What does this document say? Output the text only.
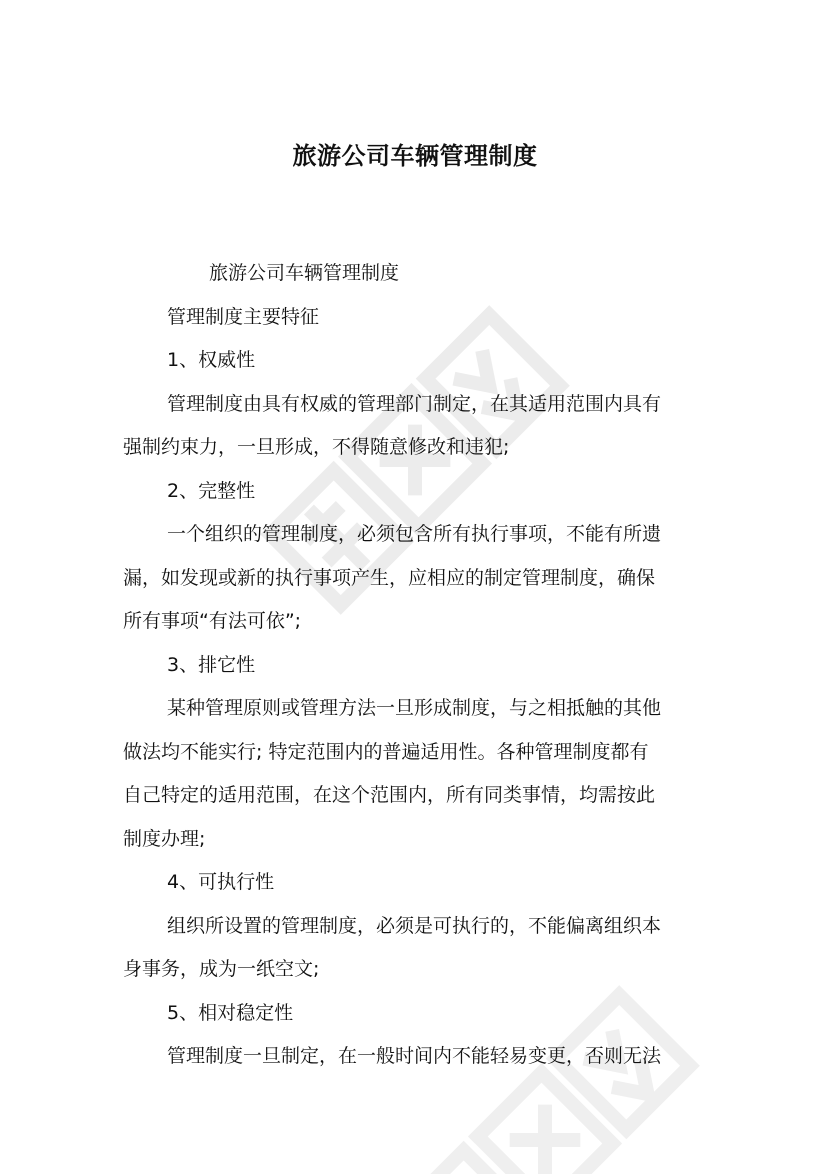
旅游公司车辆管理制度

旅游公司车辆管理制度

管理制度主要特征

1、权威性

管理制度由具有权威的管理部门制定，在其适用范围内具有

强制约束力，一旦形成，不得随意修改和违犯;

2、完整性

一个组织的管理制度，必须包含所有执行事项，不能有所遗

漏，如发现或新的执行事项产生，应相应的制定管理制度，确保

所有事项“有法可依”;

3、排它性

某种管理原则或管理方法一旦形成制度，与之相抵触的其他

做法均不能实行; 特定范围内的普遍适用性。各种管理制度都有

自己特定的适用范围，在这个范围内，所有同类事情，均需按此

制度办理;

4、可执行性

组织所设置的管理制度，必须是可执行的，不能偏离组织本

身事务，成为一纸空文;

5、相对稳定性

管理制度一旦制定，在一般时间内不能轻易变更，否则无法
